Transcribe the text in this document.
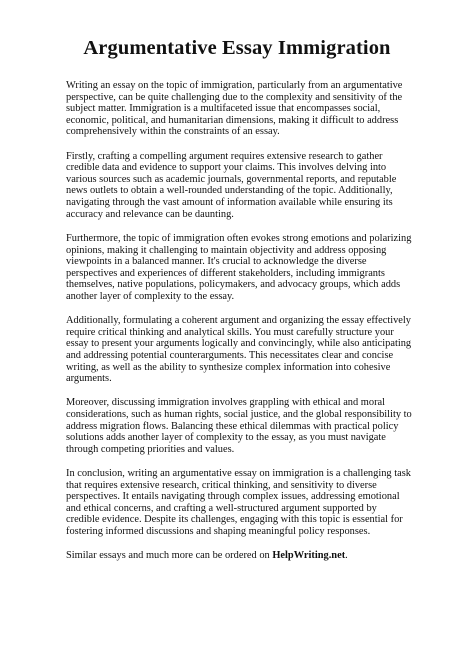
Argumentative Essay Immigration

Writing an essay on the topic of immigration, particularly from an argumentative perspective, can be quite challenging due to the complexity and sensitivity of the subject matter. Immigration is a multifaceted issue that encompasses social, economic, political, and humanitarian dimensions, making it difficult to address comprehensively within the constraints of an essay.

Firstly, crafting a compelling argument requires extensive research to gather credible data and evidence to support your claims. This involves delving into various sources such as academic journals, governmental reports, and reputable news outlets to obtain a well-rounded understanding of the topic. Additionally, navigating through the vast amount of information available while ensuring its accuracy and relevance can be daunting.

Furthermore, the topic of immigration often evokes strong emotions and polarizing opinions, making it challenging to maintain objectivity and address opposing viewpoints in a balanced manner. It's crucial to acknowledge the diverse perspectives and experiences of different stakeholders, including immigrants themselves, native populations, policymakers, and advocacy groups, which adds another layer of complexity to the essay.

Additionally, formulating a coherent argument and organizing the essay effectively require critical thinking and analytical skills. You must carefully structure your essay to present your arguments logically and convincingly, while also anticipating and addressing potential counterarguments. This necessitates clear and concise writing, as well as the ability to synthesize complex information into cohesive arguments.

Moreover, discussing immigration involves grappling with ethical and moral considerations, such as human rights, social justice, and the global responsibility to address migration flows. Balancing these ethical dilemmas with practical policy solutions adds another layer of complexity to the essay, as you must navigate through competing priorities and values.

In conclusion, writing an argumentative essay on immigration is a challenging task that requires extensive research, critical thinking, and sensitivity to diverse perspectives. It entails navigating through complex issues, addressing emotional and ethical concerns, and crafting a well-structured argument supported by credible evidence. Despite its challenges, engaging with this topic is essential for fostering informed discussions and shaping meaningful policy responses.

Similar essays and much more can be ordered on HelpWriting.net.
